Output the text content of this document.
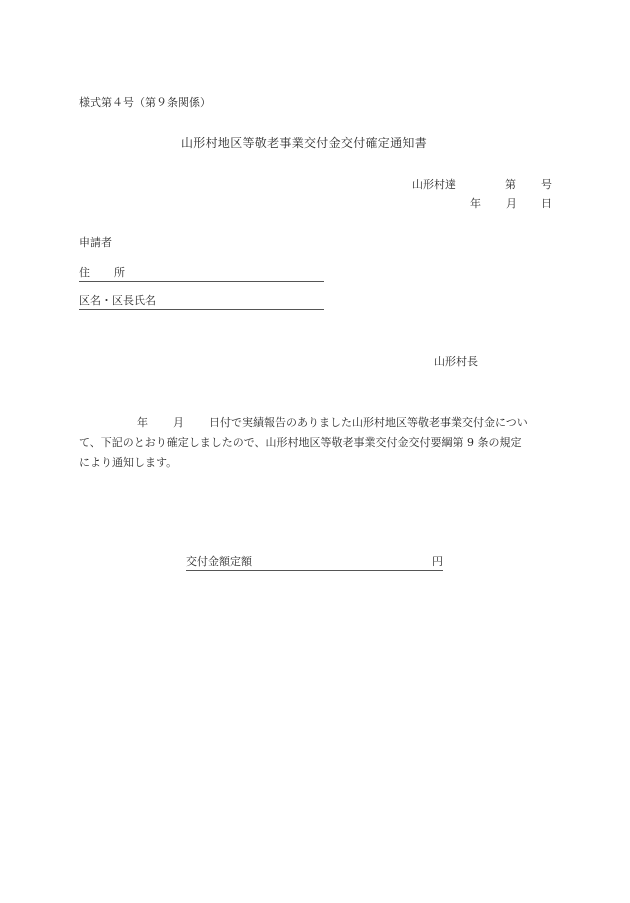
様式第４号（第９条関係）
山形村地区等敬老事業交付金交付確定通知書
山形村達	第 号
年 月 日
申請者
住 所
区名・区長氏名
山形村長
年 月 日付で実績報告のありました山形村地区等敬老事業交付金につい
て、下記のとおり確定しましたので、山形村地区等敬老事業交付金交付要綱第 9 条の規定
により通知します。
交付金額定額	円
